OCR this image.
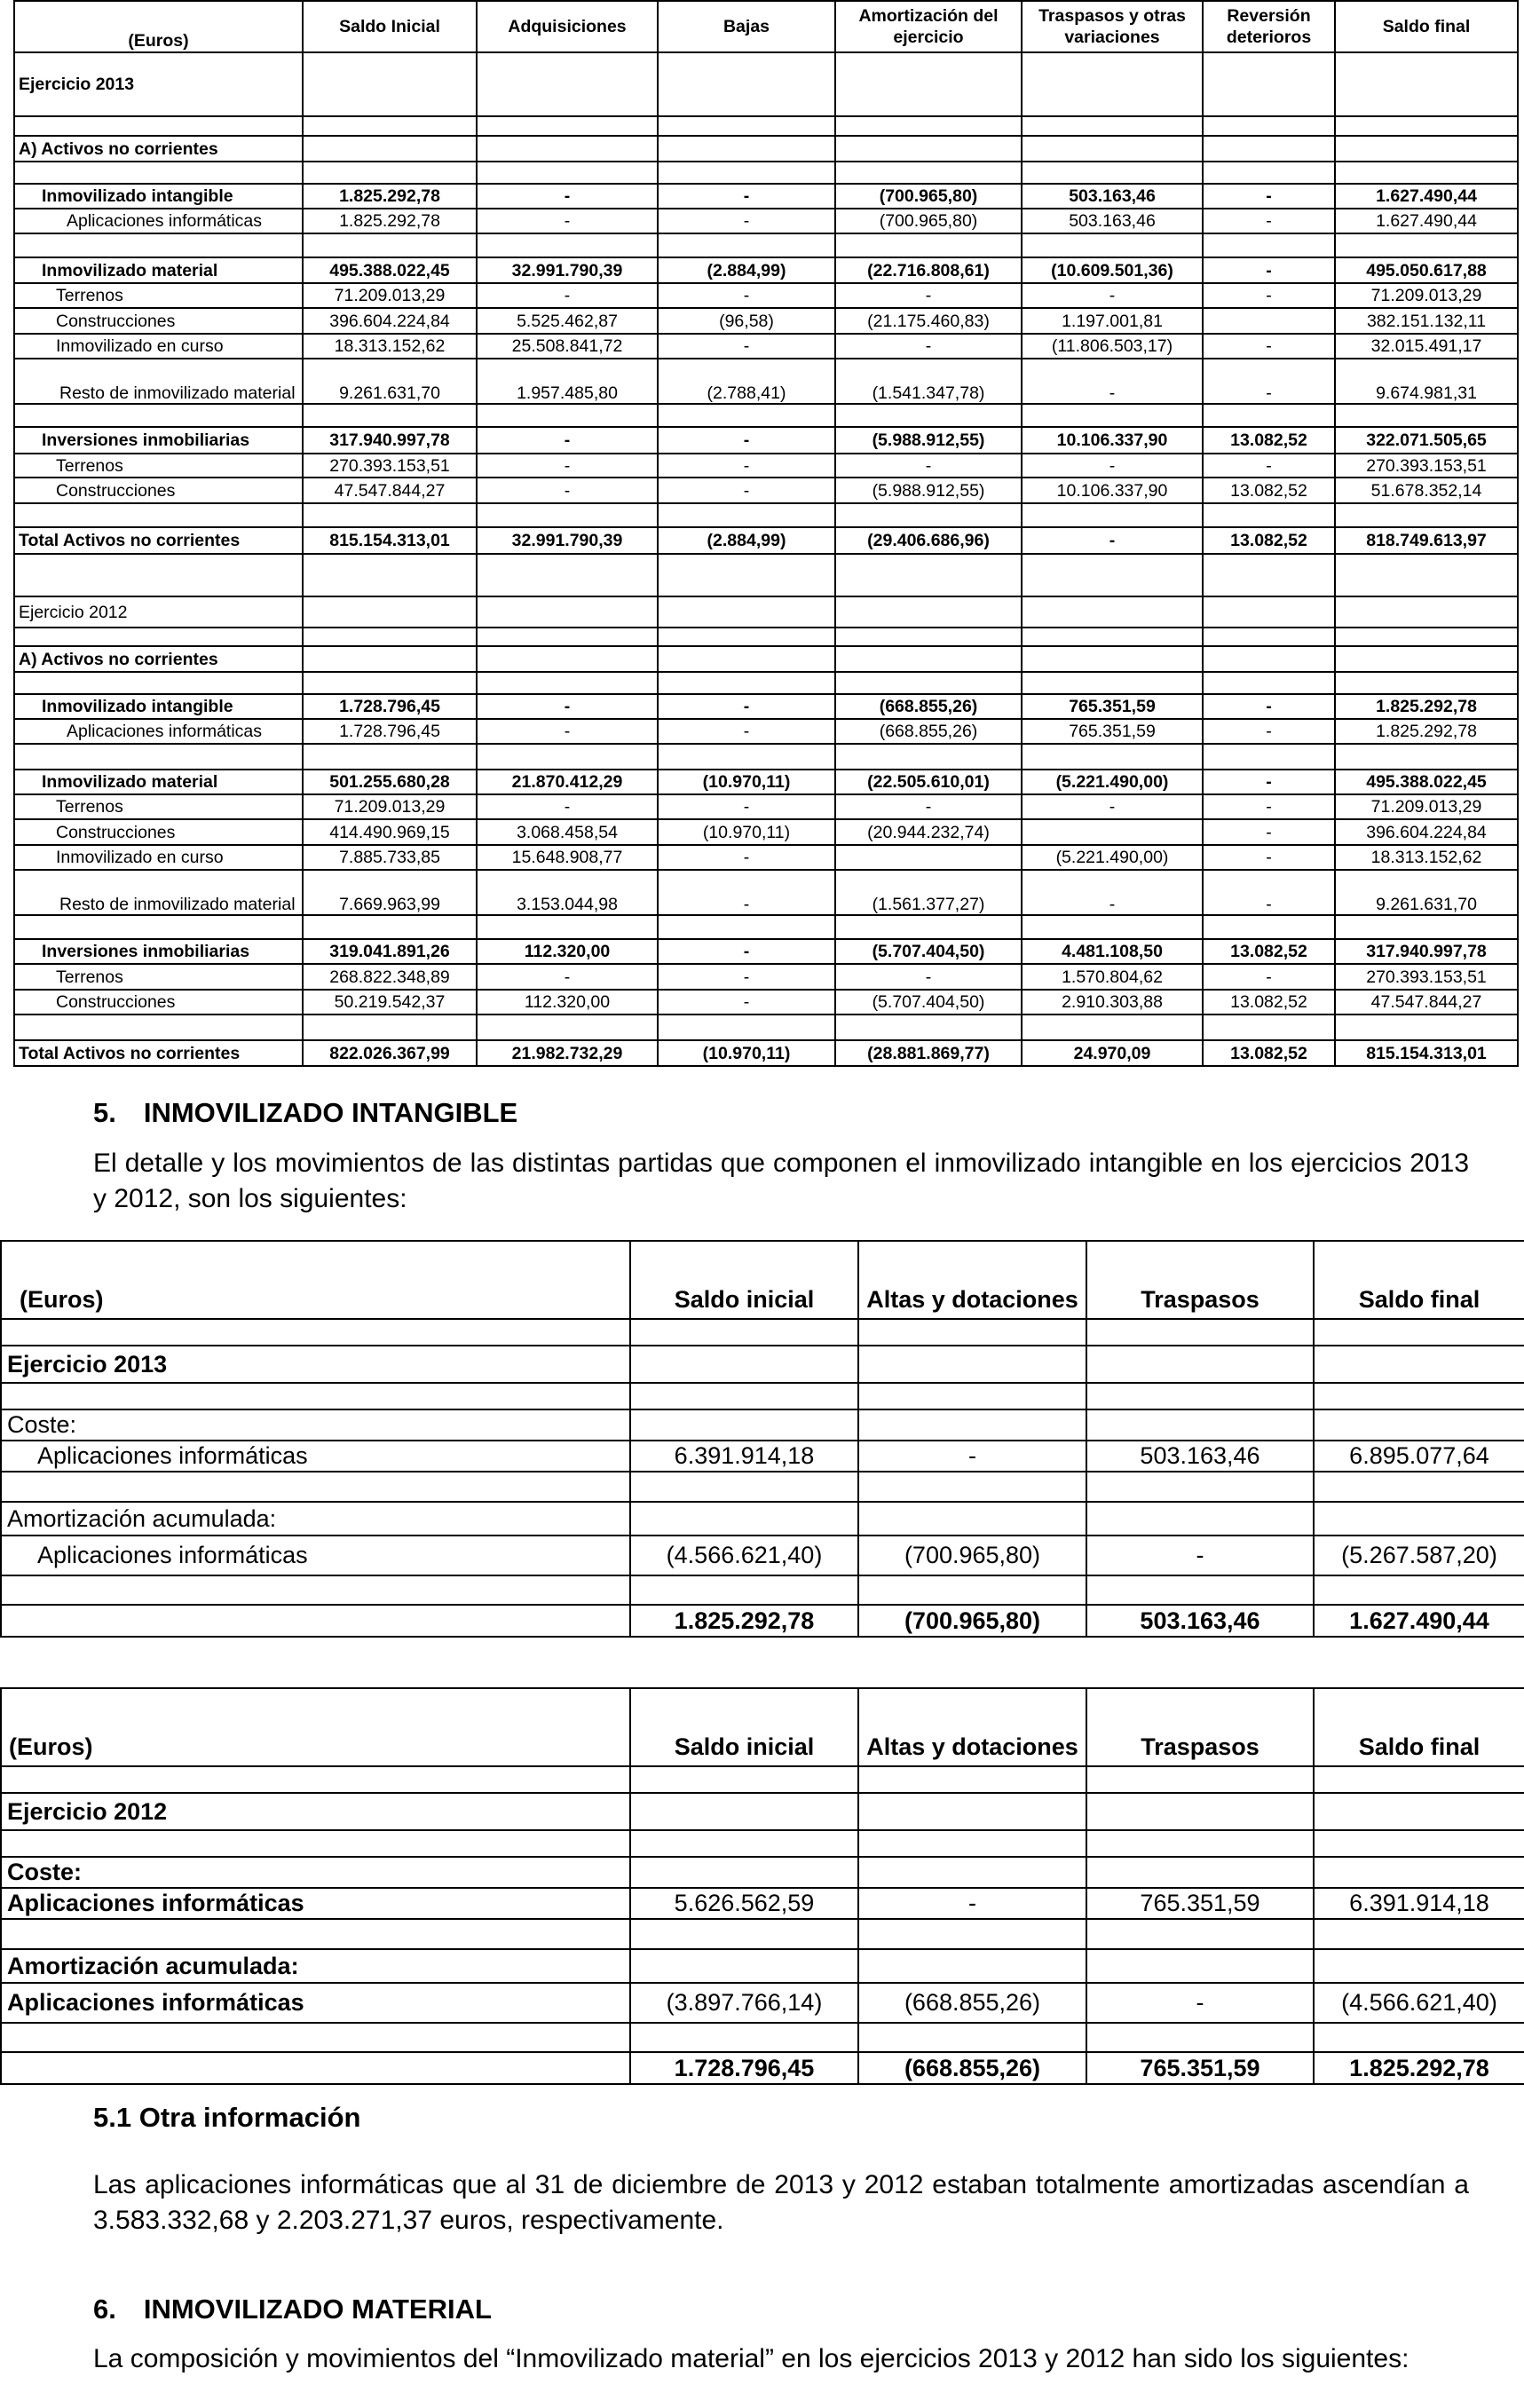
(Euros)	Saldo Inicial	Adquisiciones	Bajas	Amortización del ejercicio	Traspasos y otras variaciones	Reversión deterioros	Saldo final
Ejercicio 2013							

A) Activos no corrientes							

Inmovilizado intangible	1.825.292,78	-	-	(700.965,80)	503.163,46	-	1.627.490,44
Aplicaciones informáticas	1.825.292,78	-	-	(700.965,80)	503.163,46	-	1.627.490,44

Inmovilizado material	495.388.022,45	32.991.790,39	(2.884,99)	(22.716.808,61)	(10.609.501,36)	-	495.050.617,88
Terrenos	71.209.013,29	-	-	-	-	-	71.209.013,29
Construcciones	396.604.224,84	5.525.462,87	(96,58)	(21.175.460,83)	1.197.001,81		382.151.132,11
Inmovilizado en curso	18.313.152,62	25.508.841,72	-	-	(11.806.503,17)	-	32.015.491,17
Resto de inmovilizado material	9.261.631,70	1.957.485,80	(2.788,41)	(1.541.347,78)	-	-	9.674.981,31

Inversiones inmobiliarias	317.940.997,78	-	-	(5.988.912,55)	10.106.337,90	13.082,52	322.071.505,65
Terrenos	270.393.153,51	-	-	-	-	-	270.393.153,51
Construcciones	47.547.844,27	-	-	(5.988.912,55)	10.106.337,90	13.082,52	51.678.352,14

Total Activos no corrientes	815.154.313,01	32.991.790,39	(2.884,99)	(29.406.686,96)	-	13.082,52	818.749.613,97

Ejercicio 2012							

A) Activos no corrientes							

Inmovilizado intangible	1.728.796,45	-	-	(668.855,26)	765.351,59	-	1.825.292,78
Aplicaciones informáticas	1.728.796,45	-	-	(668.855,26)	765.351,59	-	1.825.292,78

Inmovilizado material	501.255.680,28	21.870.412,29	(10.970,11)	(22.505.610,01)	(5.221.490,00)	-	495.388.022,45
Terrenos	71.209.013,29	-	-	-	-	-	71.209.013,29
Construcciones	414.490.969,15	3.068.458,54	(10.970,11)	(20.944.232,74)		-	396.604.224,84
Inmovilizado en curso	7.885.733,85	15.648.908,77	-		(5.221.490,00)	-	18.313.152,62
Resto de inmovilizado material	7.669.963,99	3.153.044,98	-	(1.561.377,27)	-	-	9.261.631,70

Inversiones inmobiliarias	319.041.891,26	112.320,00	-	(5.707.404,50)	4.481.108,50	13.082,52	317.940.997,78
Terrenos	268.822.348,89	-	-	-	1.570.804,62	-	270.393.153,51
Construcciones	50.219.542,37	112.320,00	-	(5.707.404,50)	2.910.303,88	13.082,52	47.547.844,27

Total Activos no corrientes	822.026.367,99	21.982.732,29	(10.970,11)	(28.881.869,77)	24.970,09	13.082,52	815.154.313,01
5. INMOVILIZADO INTANGIBLE

El detalle y los movimientos de las distintas partidas que componen el inmovilizado intangible en los ejercicios 2013 y 2012, son los siguientes:

(Euros)	Saldo inicial	Altas y dotaciones	Traspasos	Saldo final

Ejercicio 2013				

Coste:				
Aplicaciones informáticas	6.391.914,18	-	503.163,46	6.895.077,64

Amortización acumulada:				
Aplicaciones informáticas	(4.566.621,40)	(700.965,80)	-	(5.267.587,20)

	1.825.292,78	(700.965,80)	503.163,46	1.627.490,44
(Euros)	Saldo inicial	Altas y dotaciones	Traspasos	Saldo final

Ejercicio 2012				

Coste:				
Aplicaciones informáticas	5.626.562,59	-	765.351,59	6.391.914,18

Amortización acumulada:				
Aplicaciones informáticas	(3.897.766,14)	(668.855,26)	-	(4.566.621,40)

	1.728.796,45	(668.855,26)	765.351,59	1.825.292,78
5.1 Otra información

Las aplicaciones informáticas que al 31 de diciembre de 2013 y 2012 estaban totalmente amortizadas ascendían a 3.583.332,68 y 2.203.271,37 euros, respectivamente.

6. INMOVILIZADO MATERIAL

La composición y movimientos del “Inmovilizado material” en los ejercicios 2013 y 2012 han sido los siguientes:
